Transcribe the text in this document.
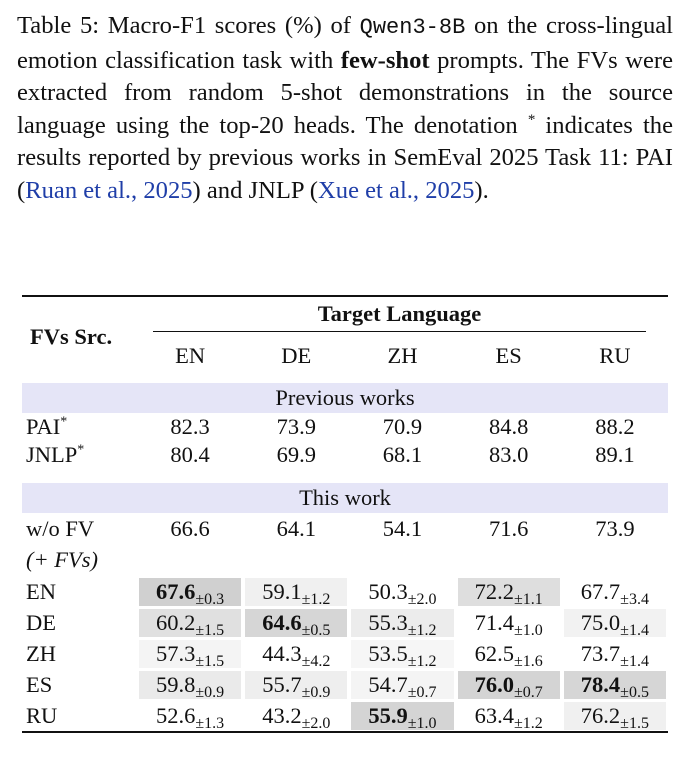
Table 5: Macro-F1 scores (%) of Qwen3-8B on the cross-lingual emotion classification task with few-shot prompts. The FVs were extracted from random 5-shot demonstrations in the source language using the top-20 heads. The denotation * indicates the results reported by previous works in SemEval 2025 Task 11: PAI (Ruan et al., 2025) and JNLP (Xue et al., 2025).
FVs Src.	Target Language				

	EN	DE	ZH	ES	RU
Previous works					
PAI*	82.3	73.9	70.9	84.8	88.2
JNLP*	80.4	69.9	68.1	83.0	89.1

This work					
w/o FV	66.6	64.1	54.1	71.6	73.9
(+ FVs)					
EN	$67.6_{\pm 0.3}$	$59.1_{\pm 1.2}$	$50.3_{\pm 2.0}$	$72.2_{\pm 1.1}$	$67.7_{\pm 3.4}$

DE	$60.2_{\pm 1.5}$	$64.6_{\pm 0.5}$	$55.3_{\pm 1.2}$	$71.4_{\pm 1.0}$	$75.0_{\pm 1.4}$

ZH	$57.3_{\pm 1.5}$	$44.3_{\pm 4.2}$	$53.5_{\pm 1.2}$	$62.5_{\pm 1.6}$	$73.7_{\pm 1.4}$

ES	$59.8_{\pm 0.9}$	$55.7_{\pm 0.9}$	$54.7_{\pm 0.7}$	$76.0_{\pm 0.7}$	$78.4_{\pm 0.5}$

RU	$52.6_{\pm 1.3}$	$43.2_{\pm 2.0}$	$55.9_{\pm 1.0}$	$63.4_{\pm 1.2}$	$76.2_{\pm 1.5}$
